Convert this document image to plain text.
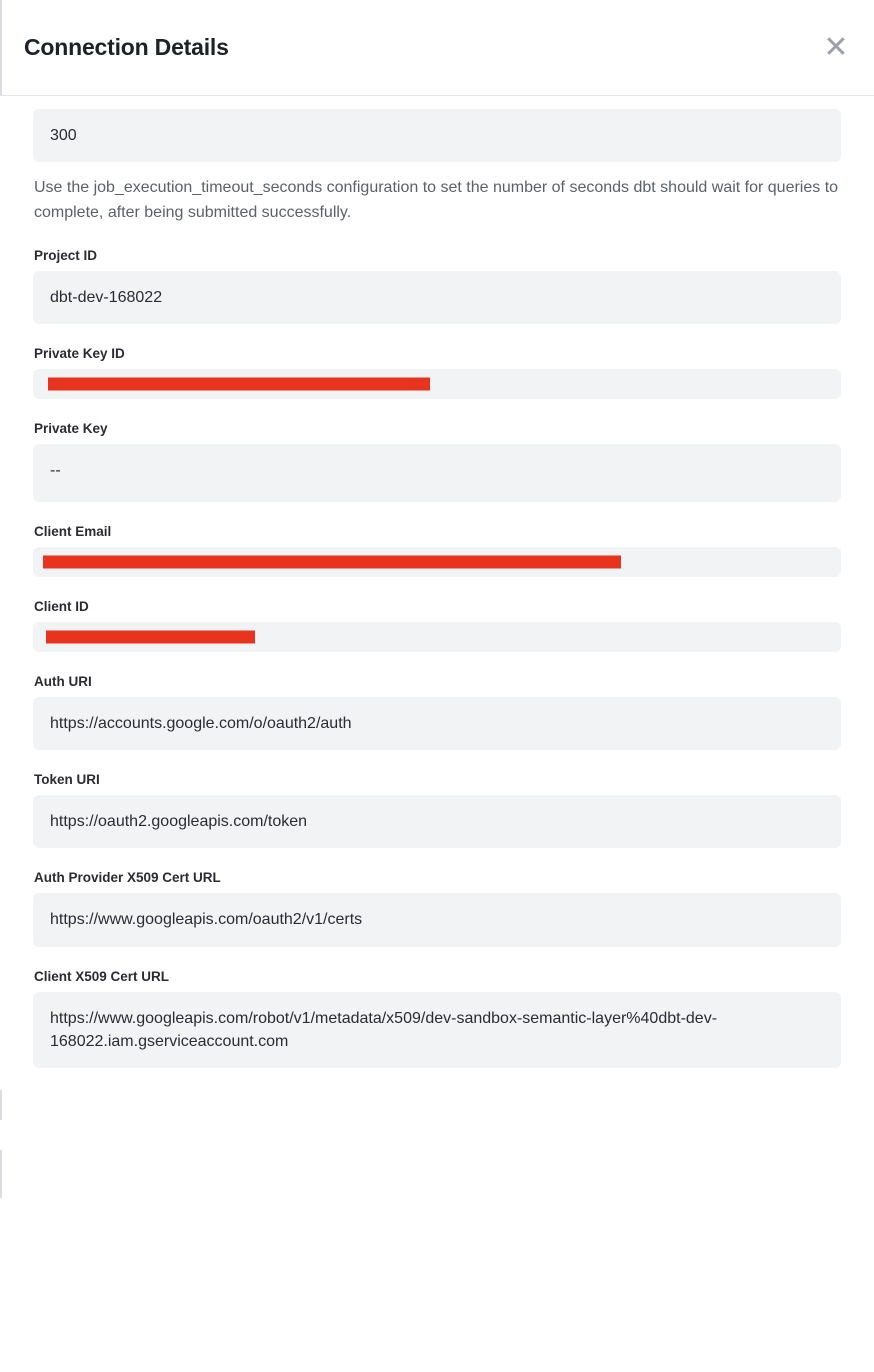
Connection Details	✕
300
Use the job_execution_timeout_seconds configuration to set the number of seconds dbt should wait for queries to complete, after being submitted successfully.
Project ID
dbt-dev-168022
Private Key ID
Private Key
--
Client Email
Client ID
Auth URI
https://accounts.google.com/o/oauth2/auth
Token URI
https://oauth2.googleapis.com/token
Auth Provider X509 Cert URL
https://www.googleapis.com/oauth2/v1/certs
Client X509 Cert URL
https://www.googleapis.com/robot/v1/metadata/x509/dev-sandbox-semantic-layer%40dbt-dev-168022.iam.gserviceaccount.com
